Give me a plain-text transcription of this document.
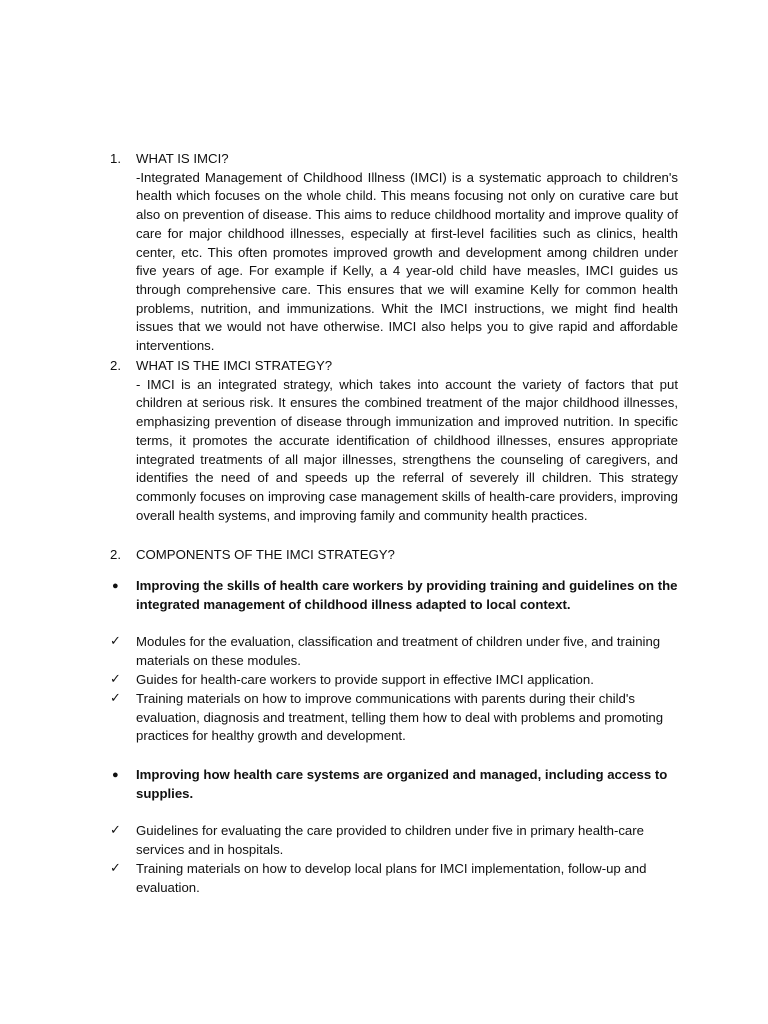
1.	WHAT IS IMCI?
-Integrated Management of Childhood Illness (IMCI) is a systematic approach to children's health which focuses on the whole child. This means focusing not only on curative care but also on prevention of disease. This aims to reduce childhood mortality and improve quality of care for major childhood illnesses, especially at first-level facilities such as clinics, health center, etc. This often promotes improved growth and development among children under five years of age. For example if Kelly, a 4 year-old child have measles, IMCI guides us through comprehensive care. This ensures that we will examine Kelly for common health problems, nutrition, and immunizations. Whit the IMCI instructions, we might find health issues that we would not have otherwise. IMCI also helps you to give rapid and affordable interventions.
2.	WHAT IS THE IMCI STRATEGY?
- IMCI is an integrated strategy, which takes into account the variety of factors that put children at serious risk. It ensures the combined treatment of the major childhood illnesses, emphasizing prevention of disease through immunization and improved nutrition. In specific terms, it promotes the accurate identification of childhood illnesses, ensures appropriate integrated treatments of all major illnesses, strengthens the counseling of caregivers, and identifies the need of and speeds up the referral of severely ill children. This strategy commonly focuses on improving case management skills of health-care providers, improving overall health systems, and improving family and community health practices.
2.	COMPONENTS OF THE IMCI STRATEGY?
●	Improving the skills of health care workers by providing training and guidelines on the integrated management of childhood illness adapted to local context.
✓	Modules for the evaluation, classification and treatment of children under five, and training materials on these modules.
✓	Guides for health-care workers to provide support in effective IMCI application.
✓	Training materials on how to improve communications with parents during their child's evaluation, diagnosis and treatment, telling them how to deal with problems and promoting practices for healthy growth and development.
●	Improving how health care systems are organized and managed, including access to supplies.
✓	Guidelines for evaluating the care provided to children under five in primary health-care services and in hospitals.
✓	Training materials on how to develop local plans for IMCI implementation, follow-up and evaluation.
